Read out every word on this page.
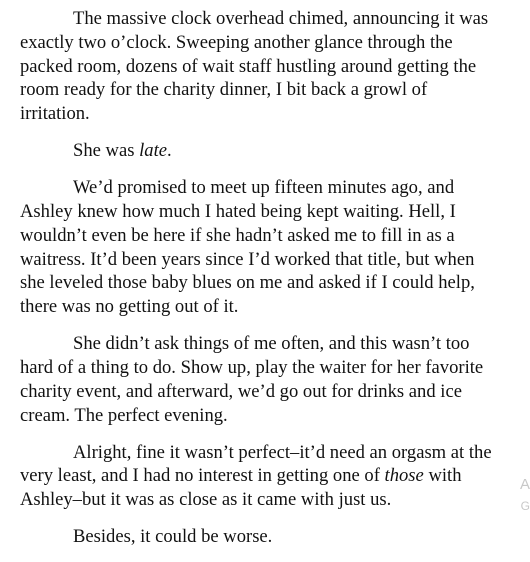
The massive clock overhead chimed, announcing it was
exactly two o’clock. Sweeping another glance through the
packed room, dozens of wait staff hustling around getting the
room ready for the charity dinner, I bit back a growl of
irritation.

She was late.

We’d promised to meet up fifteen minutes ago, and
Ashley knew how much I hated being kept waiting. Hell, I
wouldn’t even be here if she hadn’t asked me to fill in as a
waitress. It’d been years since I’d worked that title, but when
she leveled those baby blues on me and asked if I could help,
there was no getting out of it.

She didn’t ask things of me often, and this wasn’t too
hard of a thing to do. Show up, play the waiter for her favorite
charity event, and afterward, we’d go out for drinks and ice
cream. The perfect evening.

Alright, fine it wasn’t perfect–it’d need an orgasm at the
very least, and I had no interest in getting one of those with
Ashley–but it was as close as it came with just us.

Besides, it could be worse.

A
G
